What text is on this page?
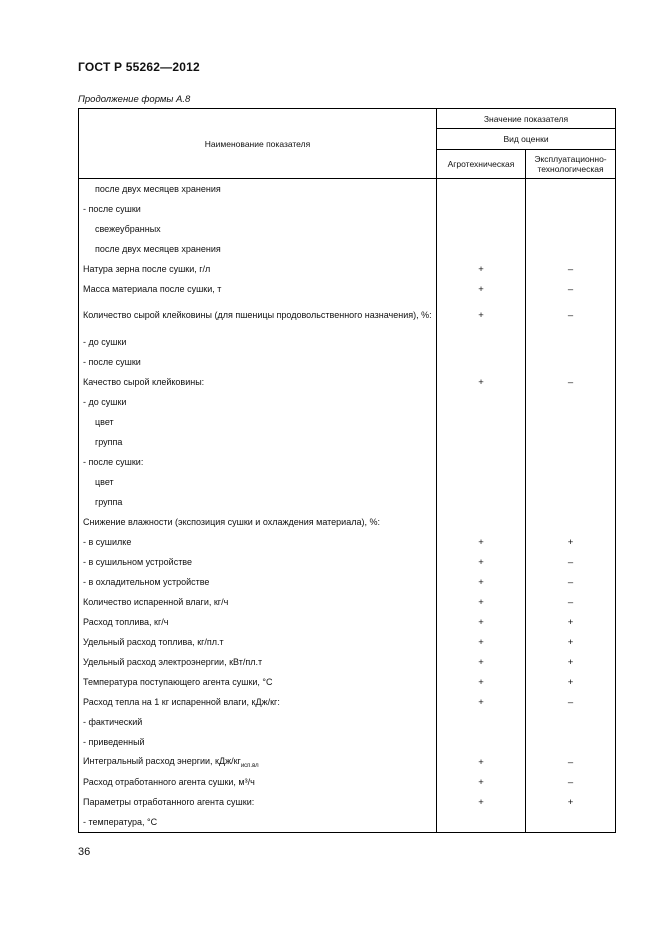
ГОСТ Р 55262—2012
Продолжение формы А.8
Наименование показателя	Значение показателя	
	Вид оценки	
	Агротехническая	Эксплуатационно-технологическая
после двух месяцев хранения		
- после сушки		
свежеубранных		
после двух месяцев хранения		
Натура зерна после сушки, г/л	+	–
Масса материала после сушки, т	+	–
Количество сырой клейковины (для пшеницы продовольственного назначения), %:	+	–
- до сушки		
- после сушки		
Качество сырой клейковины:	+	–
- до сушки		
цвет		
группа		
- после сушки:		
цвет		
группа		
Снижение влажности (экспозиция сушки и охлаждения материала), %:		
- в сушилке	+	+
- в сушильном устройстве	+	–
- в охладительном устройстве	+	–
Количество испаренной влаги, кг/ч	+	–
Расход топлива, кг/ч	+	+
Удельный расход топлива, кг/пл.т	+	+
Удельный расход электроэнергии, кВт/пл.т	+	+
Температура поступающего агента сушки, °С	+	+
Расход тепла на 1 кг испаренной влаги, кДж/кг:	+	–
- фактический		
- приведенный		
Интегральный расход энергии, кДж/$кг_{исп.вл}$	+	–
Расход отработанного агента сушки, м³/ч	+	–
Параметры отработанного агента сушки:	+	+
- температура, °С		
36
